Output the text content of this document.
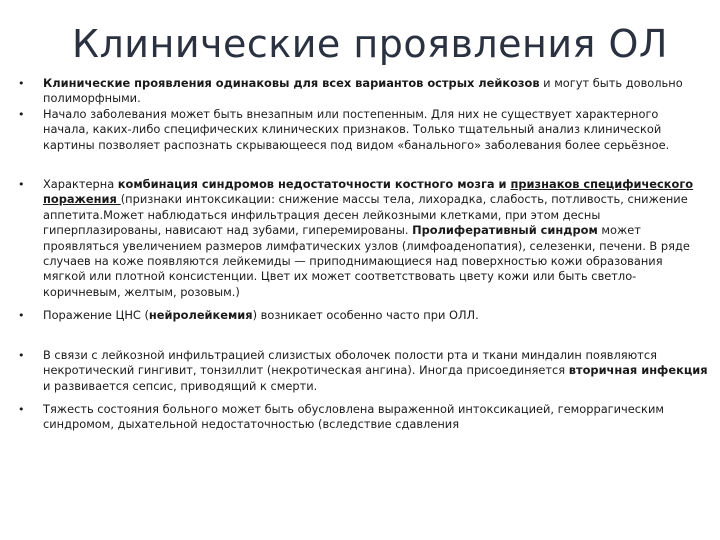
Клинические проявления ОЛ
• Клинические проявления одинаковы для всех вариантов острых лейкозов и могут быть довольно полиморфными.

• Начало заболевания может быть внезапным или постепенным. Для них не существует характерного начала, каких-либо специфических клинических признаков. Только тщательный анализ клинической картины позволяет распознать скрывающееся под видом «банального» заболевания более серьёзное.

• Характерна комбинация синдромов недостаточности костного мозга и признаков специфического поражения (признаки интоксикации: снижение массы тела, лихорадка, слабость, потливость, снижение аппетита.Может наблюдаться инфильтрация десен лейкозными клетками, при этом десны гиперплазированы, нависают над зубами, гиперемированы. Пролиферативный синдром может проявляться увеличением размеров лимфатических узлов (лимфоаденопатия), селезенки, печени. В ряде случаев на коже появляются лейкемиды — приподнимающиеся над поверхностью кожи образования мягкой или плотной консистенции. Цвет их может соответствовать цвету кожи или быть светло-коричневым, желтым, розовым.)

• Поражение ЦНС (нейролейкемия) возникает особенно часто при ОЛЛ.

• В связи с лейкозной инфильтрацией слизистых оболочек полости рта и ткани миндалин появляются некротический гингивит, тонзиллит (некротическая ангина). Иногда присоединяется вторичная инфекция и развивается сепсис, приводящий к смерти.

• Тяжесть состояния больного может быть обусловлена выраженной интоксикацией, геморрагическим синдромом, дыхательной недостаточностью (вследствие сдавления
